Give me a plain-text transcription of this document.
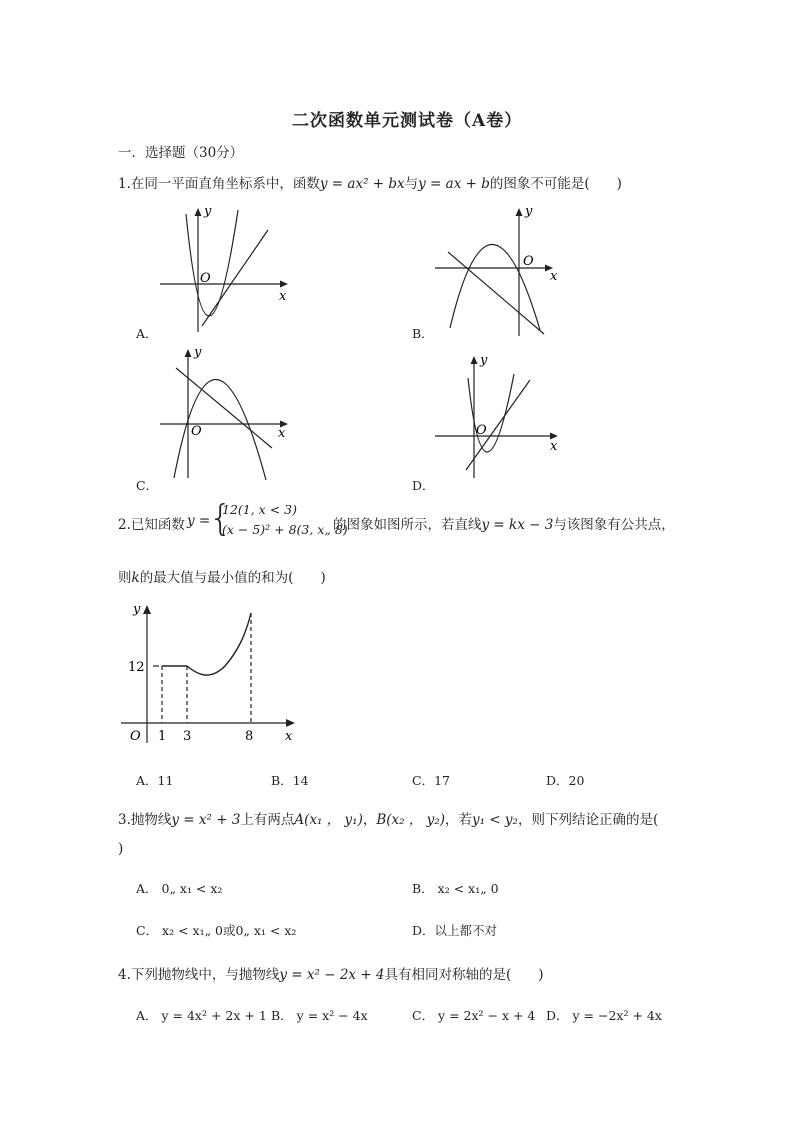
二次函数单元测试卷（A卷）
一．选择题（30分）
1.在同一平面直角坐标系中，函数y = ax² + bx与y = ax + b的图象不可能是(　　)
y
x
O
A．
y
x
O
B．
y
x
O
C．
y
x
O
D．
2.已知函数 y =
{
12(1, x < 3)
(x − 5)² + 8(3, x„ 8)
的图象如图所示，若直线y = kx − 3与该图象有公共点，
则k的最大值与最小值的和为(　　)
y
x
O
12
1 3	8
A．11	B．14	C．17	D．20
3.抛物线y = x² + 3上有两点A(x₁ ， y₁)，B(x₂ ， y₂)，若y₁ < y₂，则下列结论正确的是(
)
A． 0„ x₁ < x₂	B． x₂ < x₁„ 0
C． x₂ < x₁„ 0或0„ x₁ < x₂	D．以上都不对
4.下列抛物线中，与抛物线y = x² − 2x + 4具有相同对称轴的是(　　)
A． y = 4x² + 2x + 1 B． y = x² − 4x	C． y = 2x² − x + 4 D． y = −2x² + 4x
